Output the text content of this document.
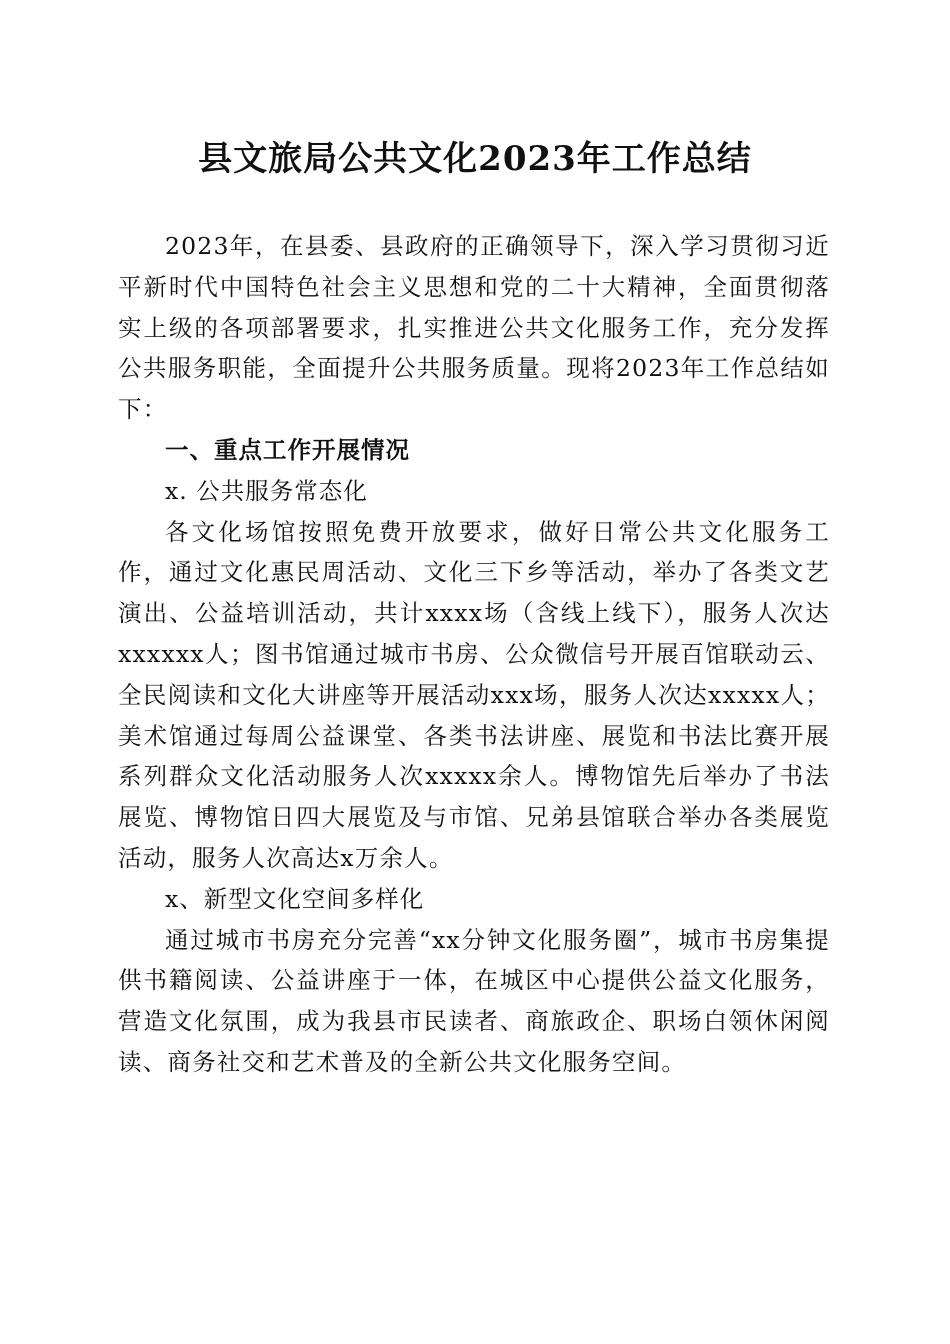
县文旅局公共文化2023年工作总结

2023年，在县委、县政府的正确领导下，深入学习贯彻习近平新时代中国特色社会主义思想和党的二十大精神，全面贯彻落实上级的各项部署要求，扎实推进公共文化服务工作，充分发挥公共服务职能，全面提升公共服务质量。现将2023年工作总结如下：

一、重点工作开展情况

x. 公共服务常态化

各文化场馆按照免费开放要求，做好日常公共文化服务工作，通过文化惠民周活动、文化三下乡等活动，举办了各类文艺演出、公益培训活动，共计xxxx场（含线上线下），服务人次达xxxxxx人；图书馆通过城市书房、公众微信号开展百馆联动云、全民阅读和文化大讲座等开展活动xxx场，服务人次达xxxxx人；美术馆通过每周公益课堂、各类书法讲座、展览和书法比赛开展系列群众文化活动服务人次xxxxx余人。博物馆先后举办了书法展览、博物馆日四大展览及与市馆、兄弟县馆联合举办各类展览活动，服务人次高达x万余人。

x、新型文化空间多样化

通过城市书房充分完善“xx分钟文化服务圈”，城市书房集提供书籍阅读、公益讲座于一体，在城区中心提供公益文化服务，营造文化氛围，成为我县市民读者、商旅政企、职场白领休闲阅读、商务社交和艺术普及的全新公共文化服务空间。
